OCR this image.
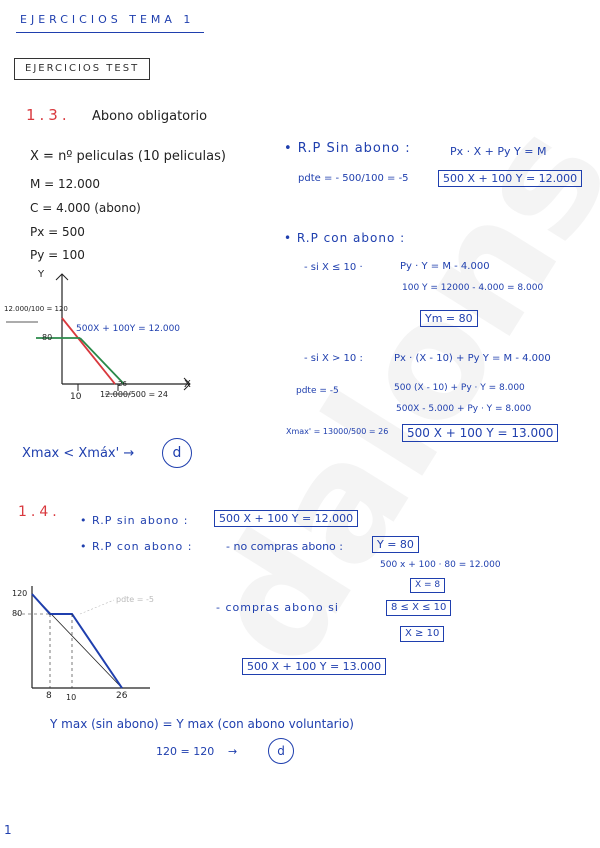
EJERCICIOS TEMA 1
EJERCICIOS TEST
1.3. Abono obligatorio
X = nº peliculas (10 peliculas)
M = 12.000
C = 4.000 (abono)
Px = 500
Py = 100
Y
X
12.000/100 = 120
80
10
26
12.000/500 = 24
500X + 100Y = 12.000
Xmax < Xmáx' →	d
• R.P Sin abono :	Px · X + Py Y = M
pdte = - 500/100 = -5	500 X + 100 Y = 12.000
• R.P con abono :
- si X ≤ 10 ·	Py · Y = M - 4.000
100 Y = 12000 - 4.000 = 8.000
Ym = 80
- si X > 10 :	Px · (X - 10) + Py Y = M - 4.000
500 (X - 10) + Py · Y = 8.000
pdte = -5
500X - 5.000 + Py · Y = 8.000
Xmax' = 13000/500 = 26	500 X + 100 Y = 13.000
1.4.
• R.P sin abono :	500 X + 100 Y = 12.000
• R.P con abono :	- no compras abono :	Y = 80
500 x + 100 · 80 = 12.000
X = 8
- compras abono si	8 ≤ X ≤ 10
X ≥ 10
500 X + 100 Y = 13.000
120
80
8 10	26
pdte = -5
Y max (sin abono) = Y max (con abono voluntario)
120 = 120 →	d
1
